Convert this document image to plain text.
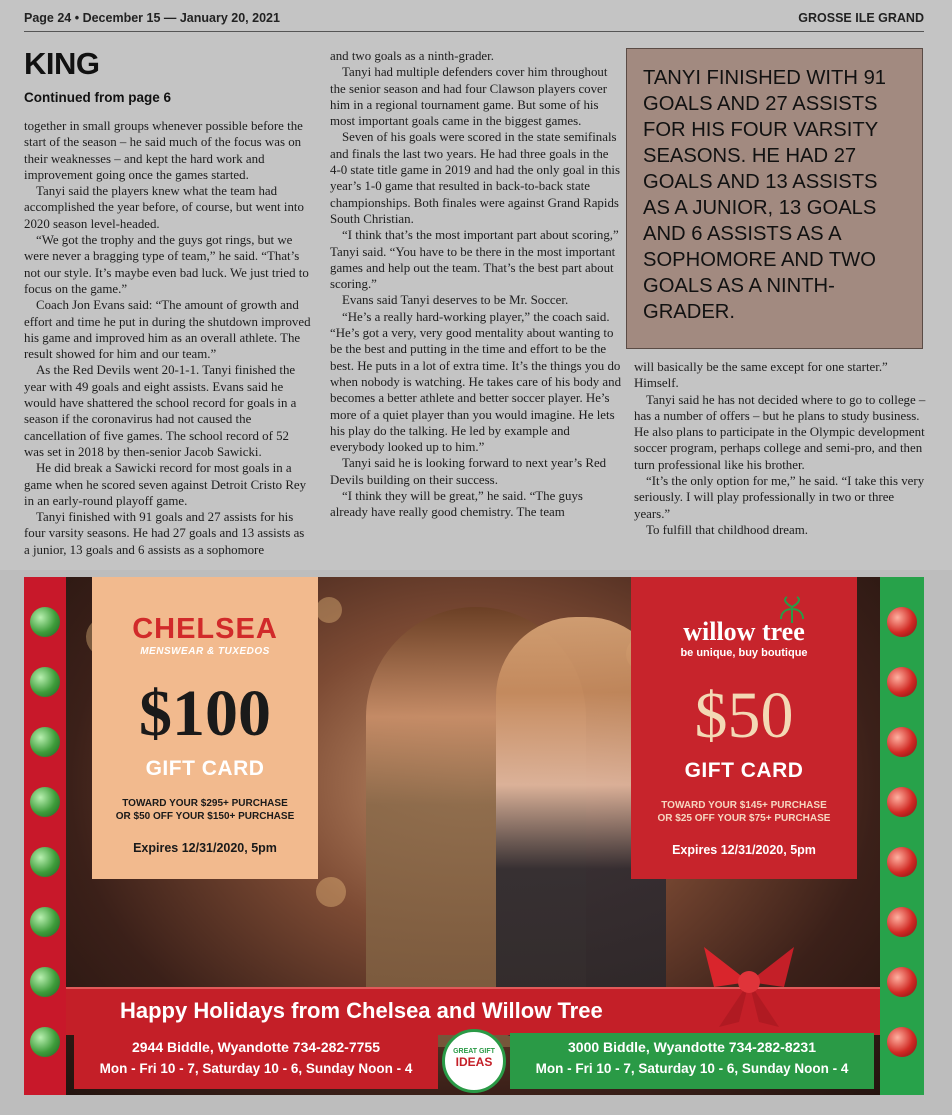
Page 24 • December 15 — January 20, 2021	GROSSE ILE GRAND
KING
Continued from page 6

together in small groups whenever possible before the start of the season – he said much of the focus was on their weaknesses – and kept the hard work and improvement going once the games started.

Tanyi said the players knew what the team had accomplished the year before, of course, but went into 2020 season level-headed.

“We got the trophy and the guys got rings, but we were never a bragging type of team,” he said. “That’s not our style. It’s maybe even bad luck. We just tried to focus on the game.”

Coach Jon Evans said: “The amount of growth and effort and time he put in during the shutdown improved his game and improved him as an overall athlete. The result showed for him and our team.”

As the Red Devils went 20-1-1. Tanyi finished the year with 49 goals and eight assists. Evans said he would have shattered the school record for goals in a season if the coronavirus had not caused the cancellation of five games. The school record of 52 was set in 2018 by then-senior Jacob Sawicki.

He did break a Sawicki record for most goals in a game when he scored seven against Detroit Cristo Rey in an early-round playoff game.

Tanyi finished with 91 goals and 27 assists for his four varsity seasons. He had 27 goals and 13 assists as a junior, 13 goals and 6 assists as a sophomore

and two goals as a ninth-grader.

Tanyi had multiple defenders cover him throughout the senior season and had four Clawson players cover him in a regional tournament game. But some of his most important goals came in the biggest games.

Seven of his goals were scored in the state semifinals and finals the last two years. He had three goals in the 4-0 state title game in 2019 and had the only goal in this year’s 1-0 game that resulted in back-to-back state championships. Both finales were against Grand Rapids South Christian.

“I think that’s the most important part about scoring,” Tanyi said. “You have to be there in the most important games and help out the team. That’s the best part about scoring.”

Evans said Tanyi deserves to be Mr. Soccer.

“He’s a really hard-working player,” the coach said. “He’s got a very, very good mentality about wanting to be the best and putting in the time and effort to be the best. He puts in a lot of extra time. It’s the things you do when nobody is watching. He takes care of his body and becomes a better athlete and better soccer player. He’s more of a quiet player than you would imagine. He lets his play do the talking. He led by example and everybody looked up to him.”

Tanyi said he is looking forward to next year’s Red Devils building on their success.

“I think they will be great,” he said. “The guys already have really good chemistry. The team

TANYI FINISHED WITH 91 GOALS AND 27 ASSISTS FOR HIS FOUR VARSITY SEASONS. HE HAD 27 GOALS AND 13 ASSISTS AS A JUNIOR, 13 GOALS AND 6 ASSISTS AS A SOPHOMORE AND TWO GOALS AS A NINTH-GRADER.

will basically be the same except for one starter.” Himself.

Tanyi said he has not decided where to go to college – has a number of offers – but he plans to study business. He also plans to participate in the Olympic development soccer program, perhaps college and semi-pro, and then turn professional like his brother.

“It’s the only option for me,” he said. “I take this very seriously. I will play professionally in two or three years.”

To fulfill that childhood dream.

CHELSEA
MENSWEAR & TUXEDOS
$100
GIFT CARD
TOWARD YOUR $295+ PURCHASE
OR $50 OFF YOUR $150+ PURCHASE
Expires 12/31/2020, 5pm
willow tree
be unique, buy boutique
$50
GIFT CARD
TOWARD YOUR $145+ PURCHASE
OR $25 OFF YOUR $75+ PURCHASE
Expires 12/31/2020, 5pm
Happy Holidays from Chelsea and Willow Tree
2944 Biddle, Wyandotte 734-282-7755
Mon - Fri 10 - 7, Saturday 10 - 6, Sunday Noon - 4
GREAT GIFT
IDEAS
3000 Biddle, Wyandotte 734-282-8231
Mon - Fri 10 - 7, Saturday 10 - 6, Sunday Noon - 4
